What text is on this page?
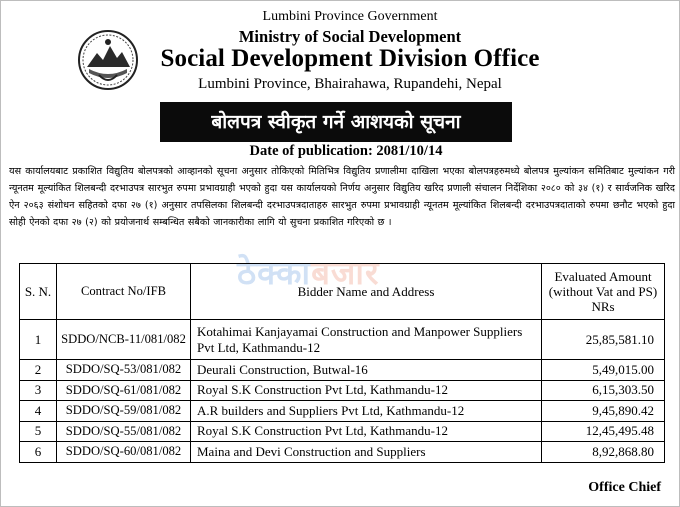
Lumbini Province Government
Ministry of Social Development
Social Development Division Office
Lumbini Province, Bhairahawa, Rupandehi, Nepal
बोलपत्र स्वीकृत गर्ने आशयको सूचना
Date of publication: 2081/10/14
यस कार्यालयबाट प्रकाशित विद्युतिय बोलपत्रको आव्हानको सूचना अनुसार तोकिएको मितिभित्र विद्युतिय प्रणालीमा दाखिला भएका बोलपत्रहरुमध्ये बोलपत्र मुल्यांकन समितिबाट मुल्यांकन गरी न्यूनतम मूल्यांकित शिलबन्दी दरभाउपत्र सारभुत रुपमा प्रभावग्राही भएको हुदा यस कार्यालयको निर्णय अनुसार विद्युतिय खरिद प्रणाली संचालन निर्देशिका २०८० को ३४ (१) र सार्वजनिक खरिद ऐन २०६३ संशोधन सहितको दफा २७ (१) अनुसार तपसिलका शिलबन्दी दरभाउपत्रदाताहरु सारभुत रुपमा प्रभावग्राही न्यूनतम मूल्यांकित शिलबन्दी दरभाउपत्रदाताको रुपमा छनौट भएको हुदा सोही ऐनको दफा २७ (२) को प्रयोजनार्थ सम्बन्धित सबैको जानकारीका लागि यो सुचना प्रकाशित गरिएको छ ।
ठेक्काबजार
S. N.	Contract No/IFB	Bidder Name and Address	Evaluated Amount (without Vat and PS) NRs
1	SDDO/NCB-11/081/082	Kotahimai Kanjayamai Construction and Manpower Suppliers Pvt Ltd, Kathmandu-12	25,85,581.10
2	SDDO/SQ-53/081/082	Deurali Construction, Butwal-16	5,49,015.00
3	SDDO/SQ-61/081/082	Royal S.K Construction Pvt Ltd, Kathmandu-12	6,15,303.50
4	SDDO/SQ-59/081/082	A.R builders and Suppliers Pvt Ltd, Kathmandu-12	9,45,890.42
5	SDDO/SQ-55/081/082	Royal S.K Construction Pvt Ltd, Kathmandu-12	12,45,495.48
6	SDDO/SQ-60/081/082	Maina and Devi Construction and Suppliers	8,92,868.80
Office Chief
